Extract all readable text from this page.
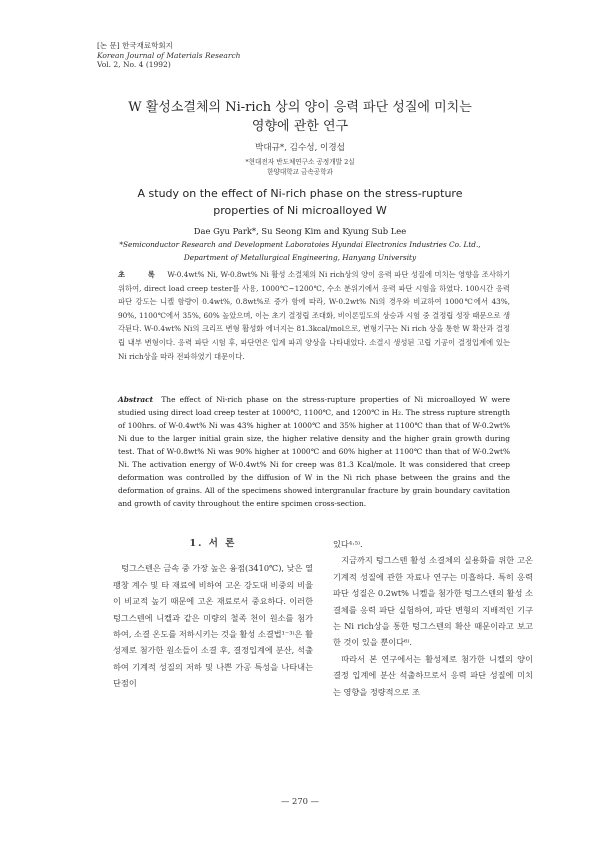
[논 문] 한국재료학회지
Korean Journal of Materials Research
Vol. 2, No. 4 (1992)
W 활성소결체의 Ni-rich 상의 양이 응력 파단 성질에 미치는
영향에 관한 연구
박대규*, 김수성, 이경섭
*현대전자 반도체연구소 공정개발 2실
한양대학교 금속공학과
A study on the effect of Ni-rich phase on the stress-rupture
properties of Ni microalloyed W
Dae Gyu Park*, Su Seong Kim and Kyung Sub Lee
*Semiconductor Research and Development Laboratoies Hyundai Electronics Industries Co. Ltd.,
Department of Metallurgical Engineering, Hanyang University
초 록 W-0.4wt% Ni, W-0.8wt% Ni 활성 소결체의 Ni rich상의 양이 응력 파단 성질에 미치는 영향을 조사하기 위하여, direct load creep tester를 사용, 1000℃~1200℃, 수소 분위기에서 응력 파단 시험을 하였다. 100시간 응력 파단 강도는 니켈 함량이 0.4wt%, 0.8wt%로 증가 함에 따라, W-0.2wt% Ni의 경우와 비교하여 1000℃에서 43%, 90%, 1100℃에서 35%, 60% 높았으며, 이는 초기 결정립 조대화, 비이론밀도의 상승과 시험 중 결정립 성장 때문으로 생각된다. W-0.4wt% Ni의 크리프 변형 활성화 에너지는 81.3kcal/mol으로, 변형기구는 Ni rich 상을 통한 W 확산과 결정립 내부 변형이다. 응력 파단 시험 후, 파단면은 입계 파괴 양상을 나타내었다. 소결시 생성된 고립 기공이 결정입계에 있는 Ni rich상을 따라 전파하였기 대문이다.
Abstract The effect of Ni-rich phase on the stress-rupture properties of Ni microalloyed W were studied using direct load creep tester at 1000℃, 1100℃, and 1200℃ in H₂. The stress rupture strength of 100hrs. of W-0.4wt% Ni was 43% higher at 1000℃ and 35% higher at 1100℃ than that of W-0.2wt% Ni due to the larger initial grain size, the higher relative density and the higher grain growth during test. That of W-0.8wt% Ni was 90% higher at 1000℃ and 60% higher at 1100℃ than that of W-0.2wt% Ni. The activation energy of W-0.4wt% Ni for creep was 81.3 Kcal/mole. It was considered that creep deformation was controlled by the diffusion of W in the Ni rich phase between the grains and the deformation of grains. All of the specimens showed intergranular fracture by grain boundary cavitation and growth of cavity throughout the entire spcimen cross-section.
1. 서 론

텅그스텐은 금속 중 가장 높은 융점(3410℃), 낮은 열 팽창 계수 및 타 재료에 비하여 고온 강도대 비중의 비율이 비교적 높기 때문에 고온 재료로서 중요하다. 이러한 텅그스텐에 니켈과 같은 미량의 철족 천이 원소를 첨가하여, 소결 온도를 저하시키는 것을 활성 소결법¹⁻³⁾은 활성제로 첨가한 원소들이 소결 후, 결정입계에 분산, 석출하여 기계적 성질의 저하 및 나쁜 가공 특성을 나타내는 단점이

있다⁴·⁵⁾.

지금까지 텅그스텐 활성 소결체의 실용화를 위한 고온 기계적 성질에 관한 자료나 연구는 미흡하다. 특히 응력 파단 성질은 0.2wt% 니켈을 첨가한 텅그스텐의 활성 소결체를 응력 파단 실험하여, 파단 변형의 지배적인 기구는 Ni rich상을 통한 텅그스텐의 확산 때문이라고 보고한 것이 있을 뿐이다⁶⁾.

따라서 본 연구에서는 활성제로 첨가한 니켈의 양이 결정 입계에 분산 석출하므로서 응력 파단 성질에 미치는 영향을 정량적으로 조

— 270 —
